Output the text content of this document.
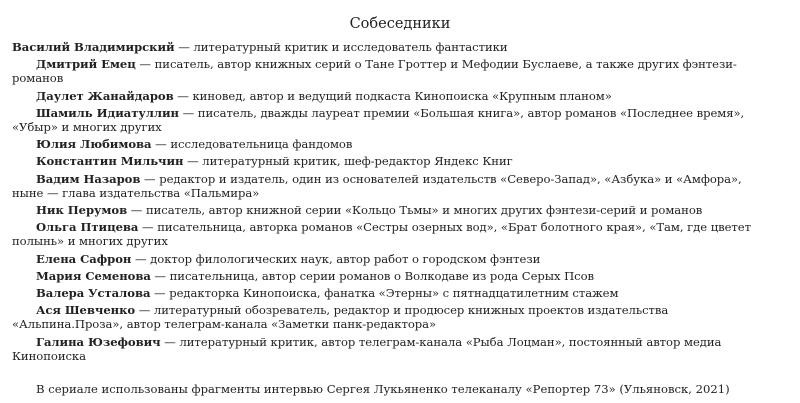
Собеседники

Василий Владимирский — литературный критик и исследователь фантастики

Дмитрий Емец — писатель, автор книжных серий о Тане Гроттер и Мефодии Буслаеве, а также других фэнтези-романов

Даулет Жанайдаров — киновед, автор и ведущий подкаста Кинопоиска «Крупным планом»

Шамиль Идиатуллин — писатель, дважды лауреат премии «Большая книга», автор романов «Последнее время», «Убыр» и многих других

Юлия Любимова — исследовательница фандомов

Константин Мильчин — литературный критик, шеф-редактор Яндекс Книг

Вадим Назаров — редактор и издатель, один из основателей издательств «Северо-Запад», «Азбука» и «Амфора», ныне — глава издательства «Пальмира»

Ник Перумов — писатель, автор книжной серии «Кольцо Тьмы» и многих других фэнтези-серий и романов

Ольга Птицева — писательница, авторка романов «Сестры озерных вод», «Брат болотного края», «Там, где цветет полынь» и многих других

Елена Сафрон — доктор филологических наук, автор работ о городском фэнтези

Мария Семенова — писательница, автор серии романов о Волкодаве из рода Серых Псов

Валера Усталова — редакторка Кинопоиска, фанатка «Этерны» с пятнадцатилетним стажем

Ася Шевченко — литературный обозреватель, редактор и продюсер книжных проектов издательства «Альпина.Проза», автор телеграм-канала «Заметки панк-редактора»

Галина Юзефович — литературный критик, автор телеграм-канала «Рыба Лоцман», постоянный автор медиа Кинопоиска

В сериале использованы фрагменты интервью Сергея Лукьяненко телеканалу «Репортер 73» (Ульяновск, 2021)
